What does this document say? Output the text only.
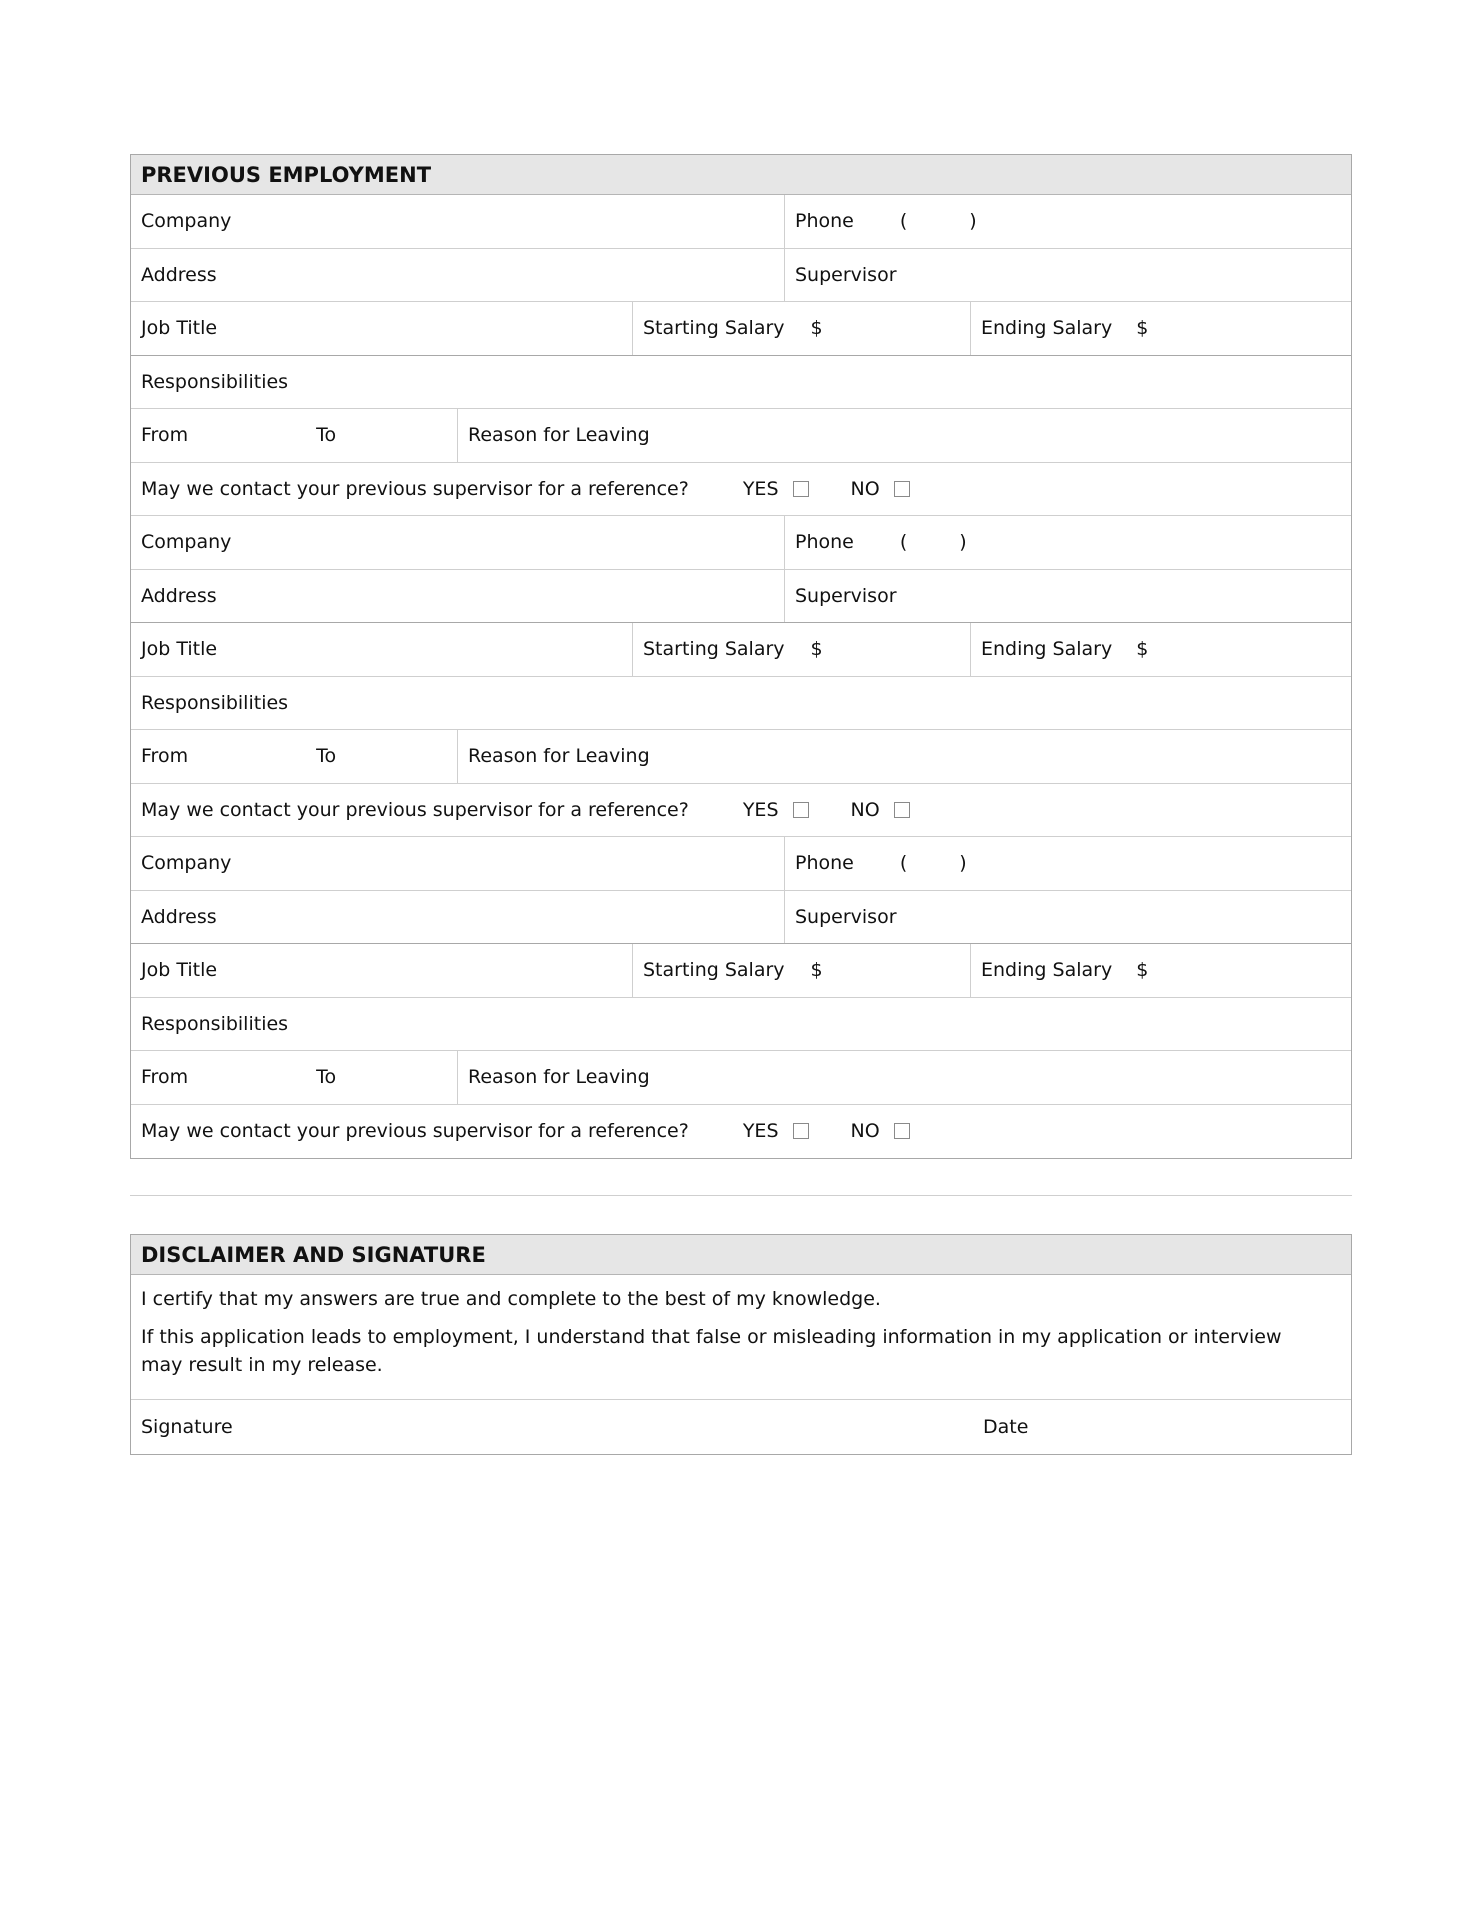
PREVIOUS EMPLOYMENT
Company	Phone (	)
Address	Supervisor
Job Title	Starting Salary $	Ending Salary $
Responsibilities
From	To	Reason for Leaving
May we contact your previous supervisor for a reference?	YES	NO
Company	Phone (	)
Address	Supervisor
Job Title	Starting Salary $	Ending Salary $
Responsibilities
From	To	Reason for Leaving
May we contact your previous supervisor for a reference?	YES	NO
Company	Phone (	)
Address	Supervisor
Job Title	Starting Salary $	Ending Salary $
Responsibilities
From	To	Reason for Leaving
May we contact your previous supervisor for a reference?	YES	NO
DISCLAIMER AND SIGNATURE

I certify that my answers are true and complete to the best of my knowledge.

If this application leads to employment, I understand that false or misleading information in my application or interview
may result in my release.

Signature	Date
